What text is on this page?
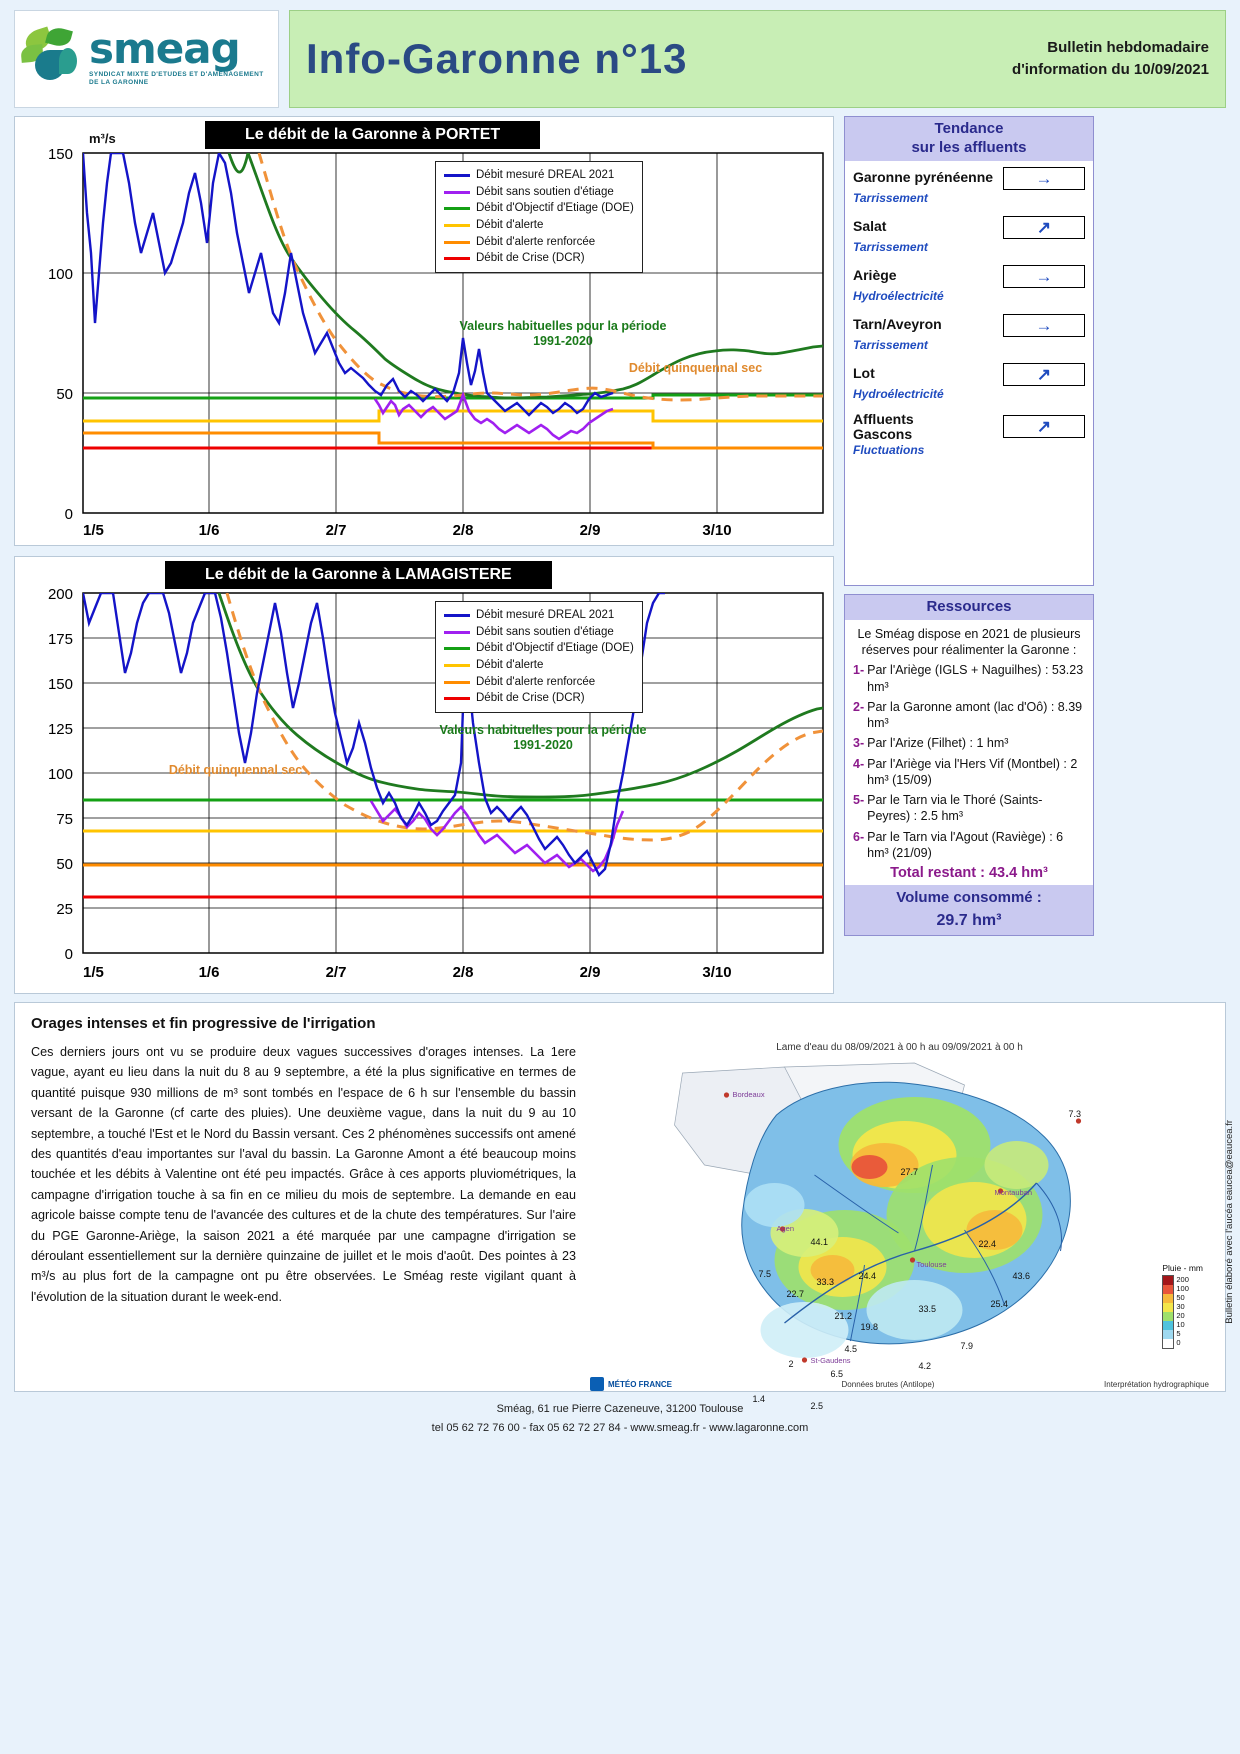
smeag
SYNDICAT MIXTE D'ETUDES ET D'AMENAGEMENT DE LA GARONNE
Info-Garonne n°13	Bulletin hebdomadaire
d'information du 10/09/2021
Le débit de la Garonne à PORTET
m³/s
150
100
50
0
1/5	1/6	2/7	2/8	2/9	3/10
Débit mesuré DREAL 2021
Débit sans soutien d'étiage
Débit d'Objectif d'Etiage (DOE)
Débit d'alerte
Débit d'alerte renforcée
Débit de Crise (DCR)
Valeurs habituelles pour la période 1991-2020
Débit quinquennal sec
Le débit de la Garonne à LAMAGISTERE
200
175
150
125
100
75
50
25
0
1/5	1/6	2/7	2/8	2/9	3/10
Débit mesuré DREAL 2021
Débit sans soutien d'étiage
Débit d'Objectif d'Etiage (DOE)
Débit d'alerte
Débit d'alerte renforcée
Débit de Crise (DCR)
Valeurs habituelles pour la période 1991-2020
Débit quinquennal sec
Tendance
sur les affluents
Garonne pyrénéenne →
Tarrissement
Salat	↗
Tarrissement
Ariège	→
Hydroélectricité
Tarn/Aveyron	→
Tarrissement
Lot	↗
Hydroélectricité
Affluents Gascons	↗
Fluctuations
Ressources
Le Sméag dispose en 2021 de plusieurs réserves pour réalimenter la Garonne :
1- Par l'Ariège (IGLS + Naguilhes) : 53.23 hm³
2- Par la Garonne amont (lac d'Oô) : 8.39 hm³
3- Par l'Arize (Filhet) : 1 hm³
4- Par l'Ariège via l'Hers Vif (Montbel) : 2 hm³ (15/09)
5- Par le Tarn via le Thoré (Saints-Peyres) : 2.5 hm³
6- Par le Tarn via l'Agout (Raviège) : 6 hm³ (21/09)
Total restant : 43.4 hm³
Volume consommé :
29.7 hm³
Orages intenses et fin progressive de l'irrigation
Ces derniers jours ont vu se produire deux vagues successives d'orages intenses. La 1ere vague, ayant eu lieu dans la nuit du 8 au 9 septembre, a été la plus significative en termes de quantité puisque 930 millions de m³ sont tombés en l'espace de 6 h sur l'ensemble du bassin versant de la Garonne (cf carte des pluies). Une deuxième vague, dans la nuit du 9 au 10 septembre, a touché l'Est et le Nord du Bassin versant. Ces 2 phénomènes successifs ont amené des quantités d'eau importantes sur l'aval du bassin. La Garonne Amont a été beaucoup moins touchée et les débits à Valentine ont été peu impactés. Grâce à ces apports pluviométriques, la campagne d'irrigation touche à sa fin en ce milieu du mois de septembre. La demande en eau agricole baisse compte tenu de l'avancée des cultures et de la chute des températures. Sur l'aire du PGE Garonne-Ariège, la saison 2021 a été marquée par une campagne d'irrigation se déroulant essentiellement sur la dernière quinzaine de juillet et le mois d'août. Des pointes à 23 m³/s au plus fort de la campagne ont pu être observées. Le Sméag reste vigilant quant à l'évolution de la situation durant le week-end.
Lame d'eau du 08/09/2021 à 00 h au 09/09/2021 à 00 h
Bordeaux
7.3
Montauban
27.7
44.1	22.4
43.6
25.4
33.5
24.4
33.3
21.2
19.8
22.7
7.5
4.5	7.9
2
6.5
4.2
1.4
2.5
Toulouse
St-Gaudens
Agen
Pluie - mm
200
100
50
30
20
10
5
0
MÉTÉO FRANCE	Données brutes (Antilope)	Interprétation hydrographique
Bulletin élaboré avec l'aucéa eaucea@eaucea.fr
Sméag, 61 rue Pierre Cazeneuve, 31200 Toulouse
tel 05 62 72 76 00 - fax 05 62 72 27 84 - www.smeag.fr - www.lagaronne.com
